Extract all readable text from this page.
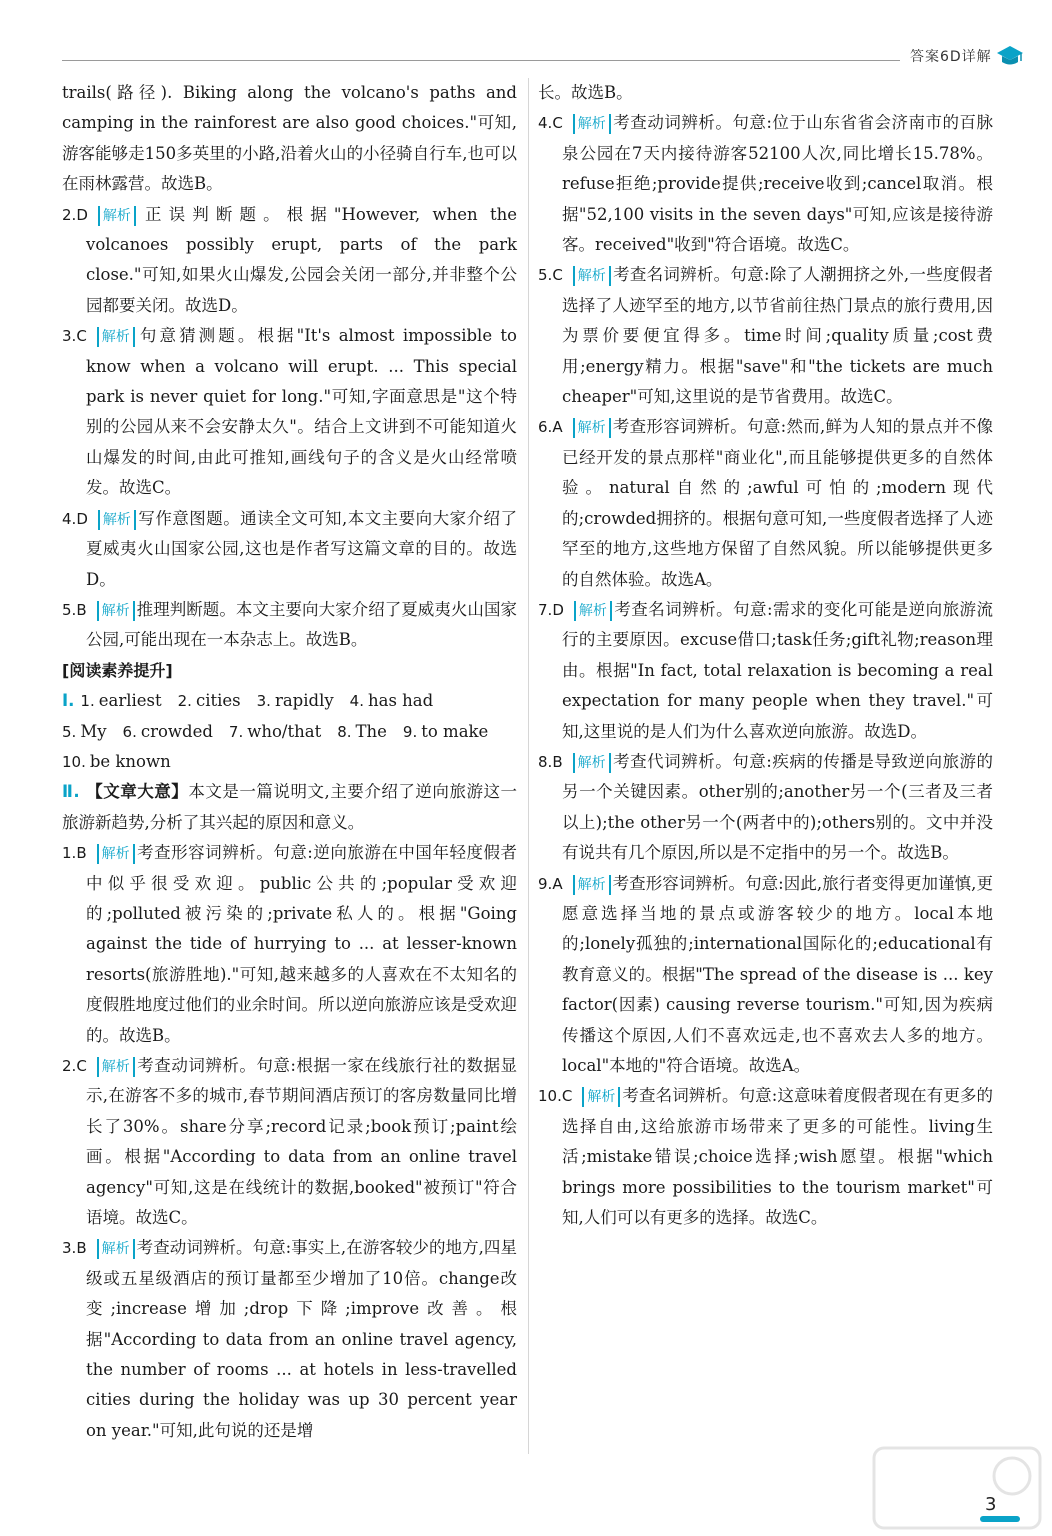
答案6D详解

trails(路径). Biking along the volcano's paths and camping in the rainforest are also good choices."可知,游客能够走150多英里的小路,沿着火山的小径骑自行车,也可以在雨林露营。故选B。

2.D 解析 正误判断题。根据"However, when the volcanoes possibly erupt, parts of the park close."可知,如果火山爆发,公园会关闭一部分,并非整个公园都要关闭。故选D。

3.C 解析 句意猜测题。根据"It's almost impossible to know when a volcano will erupt. ... This special park is never quiet for long."可知,字面意思是"这个特别的公园从来不会安静太久"。结合上文讲到不可能知道火山爆发的时间,由此可推知,画线句子的含义是火山经常喷发。故选C。

4.D 解析 写作意图题。通读全文可知,本文主要向大家介绍了夏威夷火山国家公园,这也是作者写这篇文章的目的。故选D。

5.B 解析 推理判断题。本文主要向大家介绍了夏威夷火山国家公园,可能出现在一本杂志上。故选B。

[阅读素养提升]

Ⅰ. 1. earliest 2. cities 3. rapidly 4. has had

5. My 6. crowded 7. who/that 8. The 9. to make

10. be known

Ⅱ. 【文章大意】本文是一篇说明文,主要介绍了逆向旅游这一旅游新趋势,分析了其兴起的原因和意义。

1.B 解析 考查形容词辨析。句意:逆向旅游在中国年轻度假者中似乎很受欢迎。public公共的;popular受欢迎的;polluted被污染的;private私人的。根据"Going against the tide of hurrying to ... at lesser-known resorts(旅游胜地)."可知,越来越多的人喜欢在不太知名的度假胜地度过他们的业余时间。所以逆向旅游应该是受欢迎的。故选B。

2.C 解析 考查动词辨析。句意:根据一家在线旅行社的数据显示,在游客不多的城市,春节期间酒店预订的客房数量同比增长了30%。share分享;record记录;book预订;paint绘画。根据"According to data from an online travel agency"可知,这是在线统计的数据,booked"被预订"符合语境。故选C。

3.B 解析 考查动词辨析。句意:事实上,在游客较少的地方,四星级或五星级酒店的预订量都至少增加了10倍。change改变;increase增加;drop下降;improve改善。根据"According to data from an online travel agency, the number of rooms ... at hotels in less-travelled cities during the holiday was up 30 percent year on year."可知,此句说的还是增

长。故选B。

4.C 解析 考查动词辨析。句意:位于山东省省会济南市的百脉泉公园在7天内接待游客52100人次,同比增长15.78%。refuse拒绝;provide提供;receive收到;cancel取消。根据"52,100 visits in the seven days"可知,应该是接待游客。received"收到"符合语境。故选C。

5.C 解析 考查名词辨析。句意:除了人潮拥挤之外,一些度假者选择了人迹罕至的地方,以节省前往热门景点的旅行费用,因为票价要便宜得多。time时间;quality质量;cost费用;energy精力。根据"save"和"the tickets are much cheaper"可知,这里说的是节省费用。故选C。

6.A 解析 考查形容词辨析。句意:然而,鲜为人知的景点并不像已经开发的景点那样"商业化",而且能够提供更多的自然体验。natural自然的;awful可怕的;modern现代的;crowded拥挤的。根据句意可知,一些度假者选择了人迹罕至的地方,这些地方保留了自然风貌。所以能够提供更多的自然体验。故选A。

7.D 解析 考查名词辨析。句意:需求的变化可能是逆向旅游流行的主要原因。excuse借口;task任务;gift礼物;reason理由。根据"In fact, total relaxation is becoming a real expectation for many people when they travel."可知,这里说的是人们为什么喜欢逆向旅游。故选D。

8.B 解析 考查代词辨析。句意:疾病的传播是导致逆向旅游的另一个关键因素。other别的;another另一个(三者及三者以上);the other另一个(两者中的);others别的。文中并没有说共有几个原因,所以是不定指中的另一个。故选B。

9.A 解析 考查形容词辨析。句意:因此,旅行者变得更加谨慎,更愿意选择当地的景点或游客较少的地方。local本地的;lonely孤独的;international国际化的;educational有教育意义的。根据"The spread of the disease is ... key factor(因素) causing reverse tourism."可知,因为疾病传播这个原因,人们不喜欢远走,也不喜欢去人多的地方。local"本地的"符合语境。故选A。

10.C 解析 考查名词辨析。句意:这意味着度假者现在有更多的选择自由,这给旅游市场带来了更多的可能性。living生活;mistake错误;choice选择;wish愿望。根据"which brings more possibilities to the tourism market"可知,人们可以有更多的选择。故选C。

3
